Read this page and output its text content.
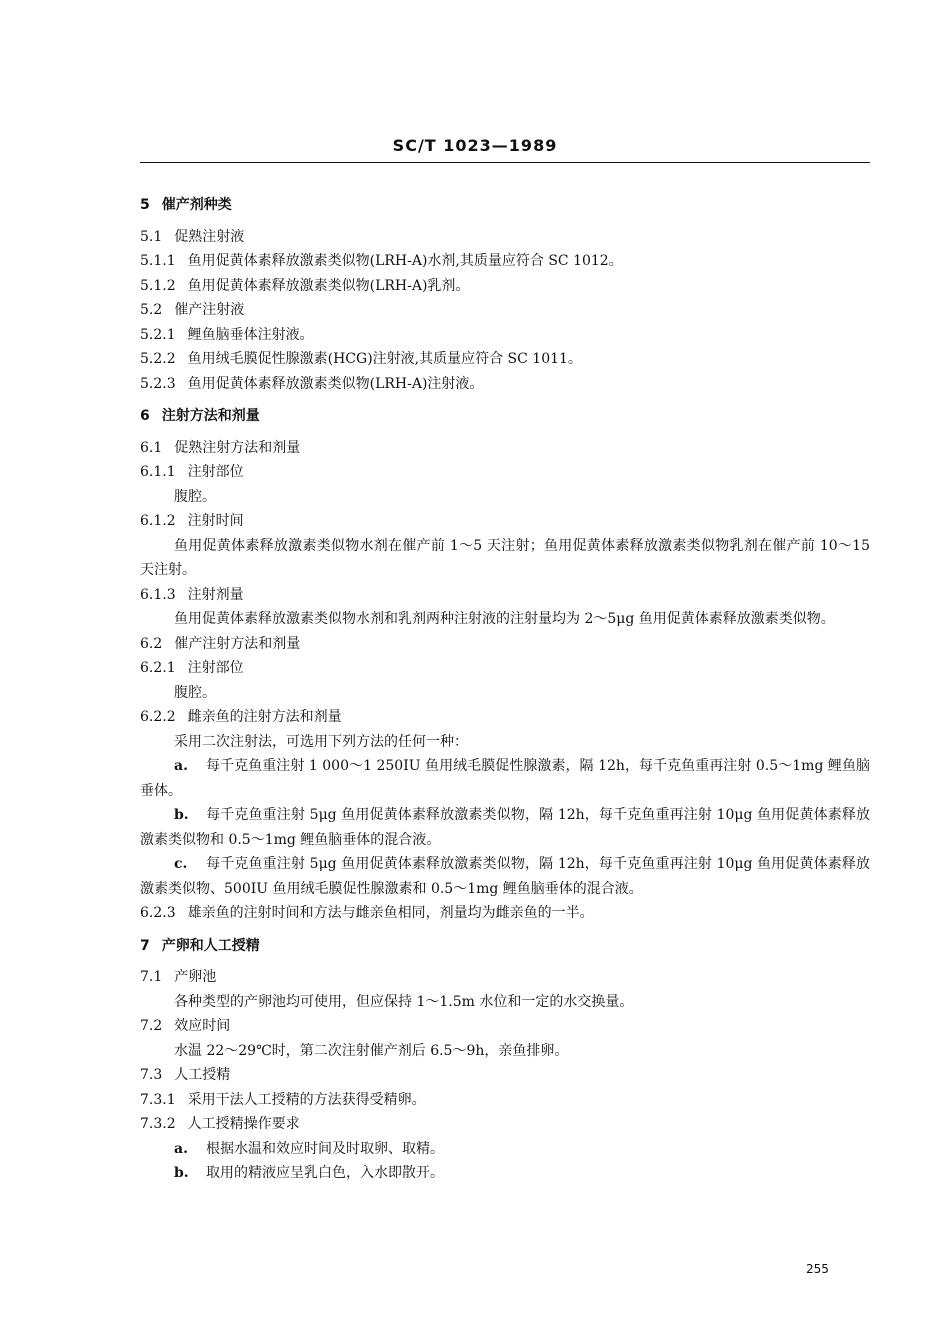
SC/T 1023—1989
5 催产剂种类
5.1 促熟注射液
5.1.1 鱼用促黄体素释放激素类似物(LRH-A)水剂,其质量应符合 SC 1012。
5.1.2 鱼用促黄体素释放激素类似物(LRH-A)乳剂。
5.2 催产注射液
5.2.1 鲤鱼脑垂体注射液。
5.2.2 鱼用绒毛膜促性腺激素(HCG)注射液,其质量应符合 SC 1011。
5.2.3 鱼用促黄体素释放激素类似物(LRH-A)注射液。
6 注射方法和剂量
6.1 促熟注射方法和剂量
6.1.1 注射部位
腹腔。
6.1.2 注射时间
鱼用促黄体素释放激素类似物水剂在催产前 1～5 天注射；鱼用促黄体素释放激素类似物乳剂在催产前 10～15 天注射。
6.1.3 注射剂量
鱼用促黄体素释放激素类似物水剂和乳剂两种注射液的注射量均为 2～5μg 鱼用促黄体素释放激素类似物。
6.2 催产注射方法和剂量
6.2.1 注射部位
腹腔。
6.2.2 雌亲鱼的注射方法和剂量
采用二次注射法，可选用下列方法的任何一种：
a. 每千克鱼重注射 1 000～1 250IU 鱼用绒毛膜促性腺激素，隔 12h，每千克鱼重再注射 0.5～1mg 鲤鱼脑垂体。
b. 每千克鱼重注射 5μg 鱼用促黄体素释放激素类似物，隔 12h，每千克鱼重再注射 10μg 鱼用促黄体素释放激素类似物和 0.5～1mg 鲤鱼脑垂体的混合液。
c. 每千克鱼重注射 5μg 鱼用促黄体素释放激素类似物，隔 12h，每千克鱼重再注射 10μg 鱼用促黄体素释放激素类似物、500IU 鱼用绒毛膜促性腺激素和 0.5～1mg 鲤鱼脑垂体的混合液。
6.2.3 雄亲鱼的注射时间和方法与雌亲鱼相同，剂量均为雌亲鱼的一半。
7 产卵和人工授精
7.1 产卵池
各种类型的产卵池均可使用，但应保持 1～1.5m 水位和一定的水交换量。
7.2 效应时间
水温 22～29℃时，第二次注射催产剂后 6.5～9h，亲鱼排卵。
7.3 人工授精
7.3.1 采用干法人工授精的方法获得受精卵。
7.3.2 人工授精操作要求
a. 根据水温和效应时间及时取卵、取精。
b. 取用的精液应呈乳白色，入水即散开。
255
